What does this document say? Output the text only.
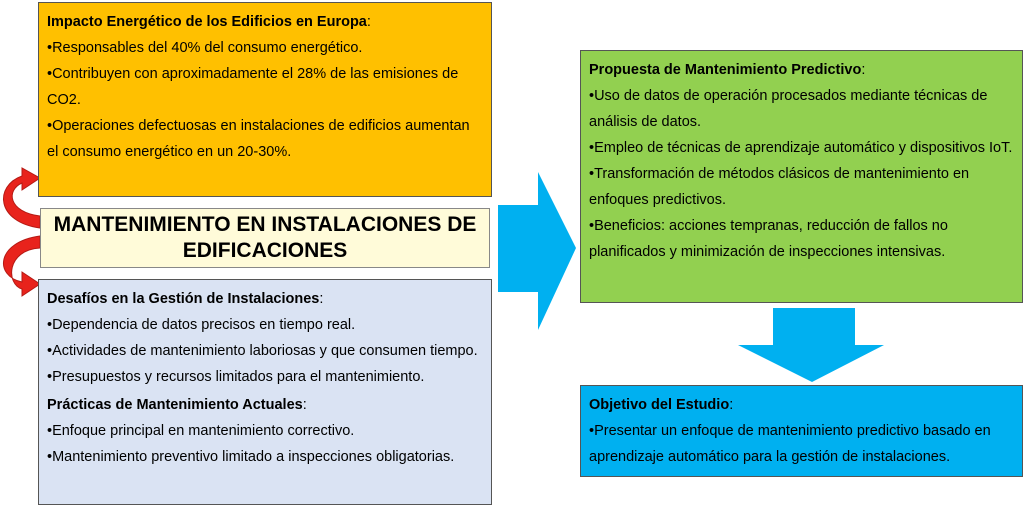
Impacto Energético de los Edificios en Europa:
•Responsables del 40% del consumo energético.
•Contribuyen con aproximadamente el 28% de las emisiones de CO2.
•Operaciones defectuosas en instalaciones de edificios aumentan el consumo energético en un 20-30%.
MANTENIMIENTO EN INSTALACIONES DE EDIFICACIONES
Desafíos en la Gestión de Instalaciones:
•Dependencia de datos precisos en tiempo real.
•Actividades de mantenimiento laboriosas y que consumen tiempo.
•Presupuestos y recursos limitados para el mantenimiento.
Prácticas de Mantenimiento Actuales:
•Enfoque principal en mantenimiento correctivo.
•Mantenimiento preventivo limitado a inspecciones obligatorias.
Propuesta de Mantenimiento Predictivo:
•Uso de datos de operación procesados mediante técnicas de análisis de datos.
•Empleo de técnicas de aprendizaje automático y dispositivos IoT.
•Transformación de métodos clásicos de mantenimiento en enfoques predictivos.
•Beneficios: acciones tempranas, reducción de fallos no planificados y minimización de inspecciones intensivas.
Objetivo del Estudio:
•Presentar un enfoque de mantenimiento predictivo basado en aprendizaje automático para la gestión de instalaciones.
